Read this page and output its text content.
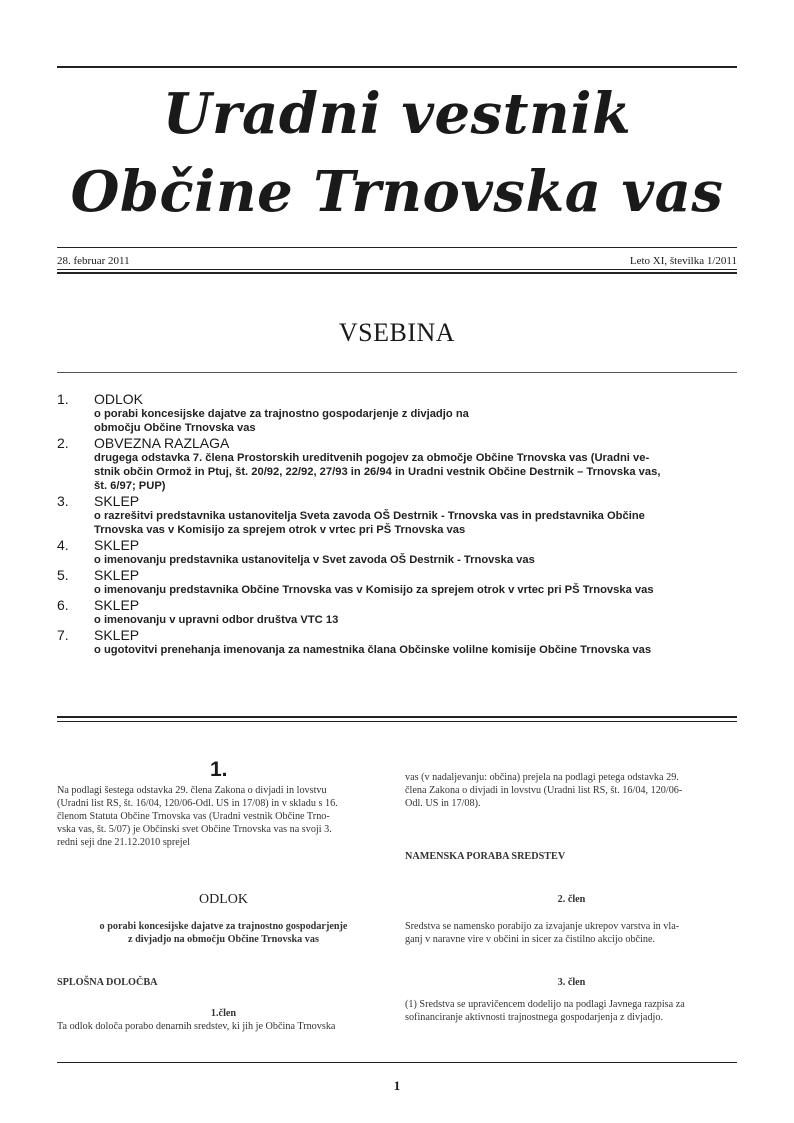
Uradni vestnik
Občine Trnovska vas
28. februar 2011	Leto XI, številka 1/2011
VSEBINA
1.	ODLOK
o porabi koncesijske dajatve za trajnostno gospodarjenje z divjadjo na
območju Občine Trnovska vas
2.	OBVEZNA RAZLAGA
drugega odstavka 7. člena Prostorskih ureditvenih pogojev za območje Občine Trnovska vas (Uradni ve-
stnik občin Ormož in Ptuj, št. 20/92, 22/92, 27/93 in 26/94 in Uradni vestnik Občine Destrnik – Trnovska vas,
št. 6/97; PUP)
3.	SKLEP
o razrešitvi predstavnika ustanovitelja Sveta zavoda OŠ Destrnik - Trnovska vas in predstavnika Občine
Trnovska vas v Komisijo za sprejem otrok v vrtec pri PŠ Trnovska vas
4.	SKLEP
o imenovanju predstavnika ustanovitelja v Svet zavoda OŠ Destrnik - Trnovska vas
5.	SKLEP
o imenovanju predstavnika Občine Trnovska vas v Komisijo za sprejem otrok v vrtec pri PŠ Trnovska vas
6.	SKLEP
o imenovanju v upravni odbor društva VTC 13
7.	SKLEP
o ugotovitvi prenehanja imenovanja za namestnika člana Občinske volilne komisije Občine Trnovska vas
1.
Na podlagi šestega odstavka 29. člena Zakona o divjadi in lovstvu
(Uradni list RS, št. 16/04, 120/06-Odl. US in 17/08) in v skladu s 16.
členom Statuta Občine Trnovska vas (Uradni vestnik Občine Trno-
vska vas, št. 5/07) je Občinski svet Občine Trnovska vas na svoji 3.
redni seji dne 21.12.2010 sprejel
ODLOK
o porabi koncesijske dajatve za trajnostno gospodarjenje
z divjadjo na območju Občine Trnovska vas
SPLOŠNA DOLOČBA
1.člen
Ta odlok določa porabo denarnih sredstev, ki jih je Občina Trnovska
vas (v nadaljevanju: občina) prejela na podlagi petega odstavka 29.
člena Zakona o divjadi in lovstvu (Uradni list RS, št. 16/04, 120/06-
Odl. US in 17/08).
NAMENSKA PORABA SREDSTEV
2. člen
Sredstva se namensko porabijo za izvajanje ukrepov varstva in vla-
ganj v naravne vire v občini in sicer za čistilno akcijo občine.
3. člen
(1) Sredstva se upravičencem dodelijo na podlagi Javnega razpisa za
sofinanciranje aktivnosti trajnostnega gospodarjenja z divjadjo.
1
